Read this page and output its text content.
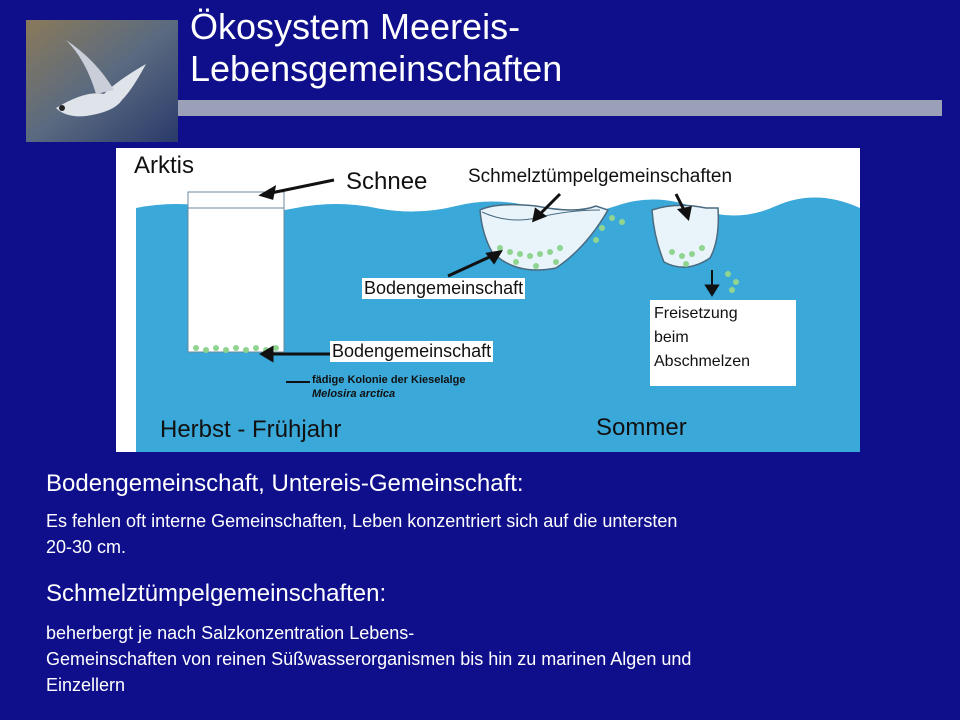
Ökosystem Meereis-
Lebensgemeinschaften
Arktis
Schnee Schmelztümpelgemeinschaften
Bodengemeinschaft
Bodengemeinschaft
Freisetzung
beim
Abschmelzen
fädige Kolonie der Kieselalge
Melosira arctica
Herbst - Frühjahr	Sommer
Bodengemeinschaft, Untereis-Gemeinschaft:
Es fehlen oft interne Gemeinschaften, Leben konzentriert sich auf die untersten
20-30 cm.
Schmelztümpelgemeinschaften:
beherbergt je nach Salzkonzentration Lebens-
Gemeinschaften von reinen Süßwasserorganismen bis hin zu marinen Algen und
Einzellern
